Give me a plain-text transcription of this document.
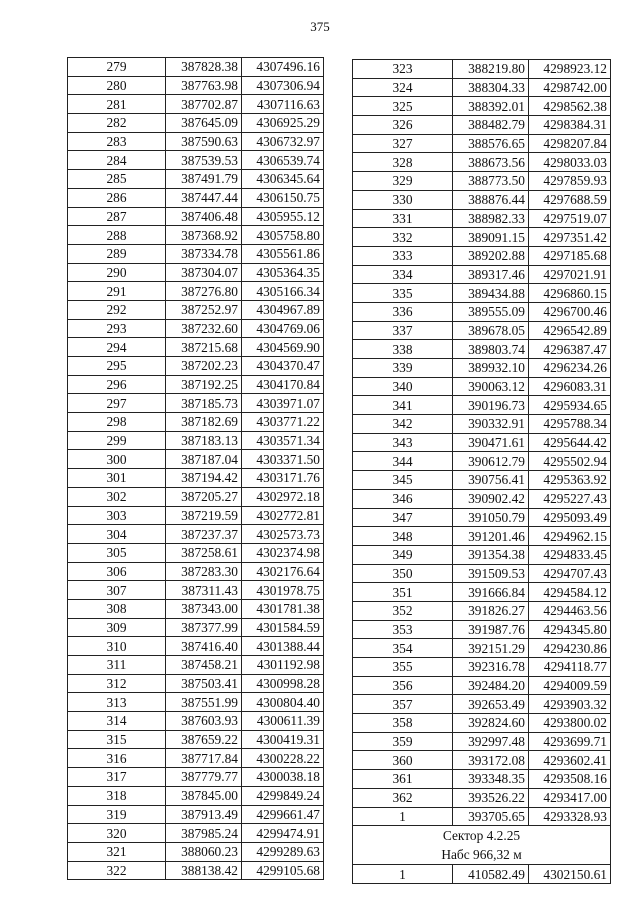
375
279	387828.38	4307496.16
280	387763.98	4307306.94
281	387702.87	4307116.63
282	387645.09	4306925.29
283	387590.63	4306732.97
284	387539.53	4306539.74
285	387491.79	4306345.64
286	387447.44	4306150.75
287	387406.48	4305955.12
288	387368.92	4305758.80
289	387334.78	4305561.86
290	387304.07	4305364.35
291	387276.80	4305166.34
292	387252.97	4304967.89
293	387232.60	4304769.06
294	387215.68	4304569.90
295	387202.23	4304370.47
296	387192.25	4304170.84
297	387185.73	4303971.07
298	387182.69	4303771.22
299	387183.13	4303571.34
300	387187.04	4303371.50
301	387194.42	4303171.76
302	387205.27	4302972.18
303	387219.59	4302772.81
304	387237.37	4302573.73
305	387258.61	4302374.98
306	387283.30	4302176.64
307	387311.43	4301978.75
308	387343.00	4301781.38
309	387377.99	4301584.59
310	387416.40	4301388.44
311	387458.21	4301192.98
312	387503.41	4300998.28
313	387551.99	4300804.40
314	387603.93	4300611.39
315	387659.22	4300419.31
316	387717.84	4300228.22
317	387779.77	4300038.18
318	387845.00	4299849.24
319	387913.49	4299661.47
320	387985.24	4299474.91
321	388060.23	4299289.63
322	388138.42	4299105.68
323	388219.80	4298923.12
324	388304.33	4298742.00
325	388392.01	4298562.38
326	388482.79	4298384.31
327	388576.65	4298207.84
328	388673.56	4298033.03
329	388773.50	4297859.93
330	388876.44	4297688.59
331	388982.33	4297519.07
332	389091.15	4297351.42
333	389202.88	4297185.68
334	389317.46	4297021.91
335	389434.88	4296860.15
336	389555.09	4296700.46
337	389678.05	4296542.89
338	389803.74	4296387.47
339	389932.10	4296234.26
340	390063.12	4296083.31
341	390196.73	4295934.65
342	390332.91	4295788.34
343	390471.61	4295644.42
344	390612.79	4295502.94
345	390756.41	4295363.92
346	390902.42	4295227.43
347	391050.79	4295093.49
348	391201.46	4294962.15
349	391354.38	4294833.45
350	391509.53	4294707.43
351	391666.84	4294584.12
352	391826.27	4294463.56
353	391987.76	4294345.80
354	392151.29	4294230.86
355	392316.78	4294118.77
356	392484.20	4294009.59
357	392653.49	4293903.32
358	392824.60	4293800.02
359	392997.48	4293699.71
360	393172.08	4293602.41
361	393348.35	4293508.16
362	393526.22	4293417.00
1	393705.65	4293328.93
Сектор 4.2.25		
Набс 966,32 м		
1	410582.49	4302150.61
